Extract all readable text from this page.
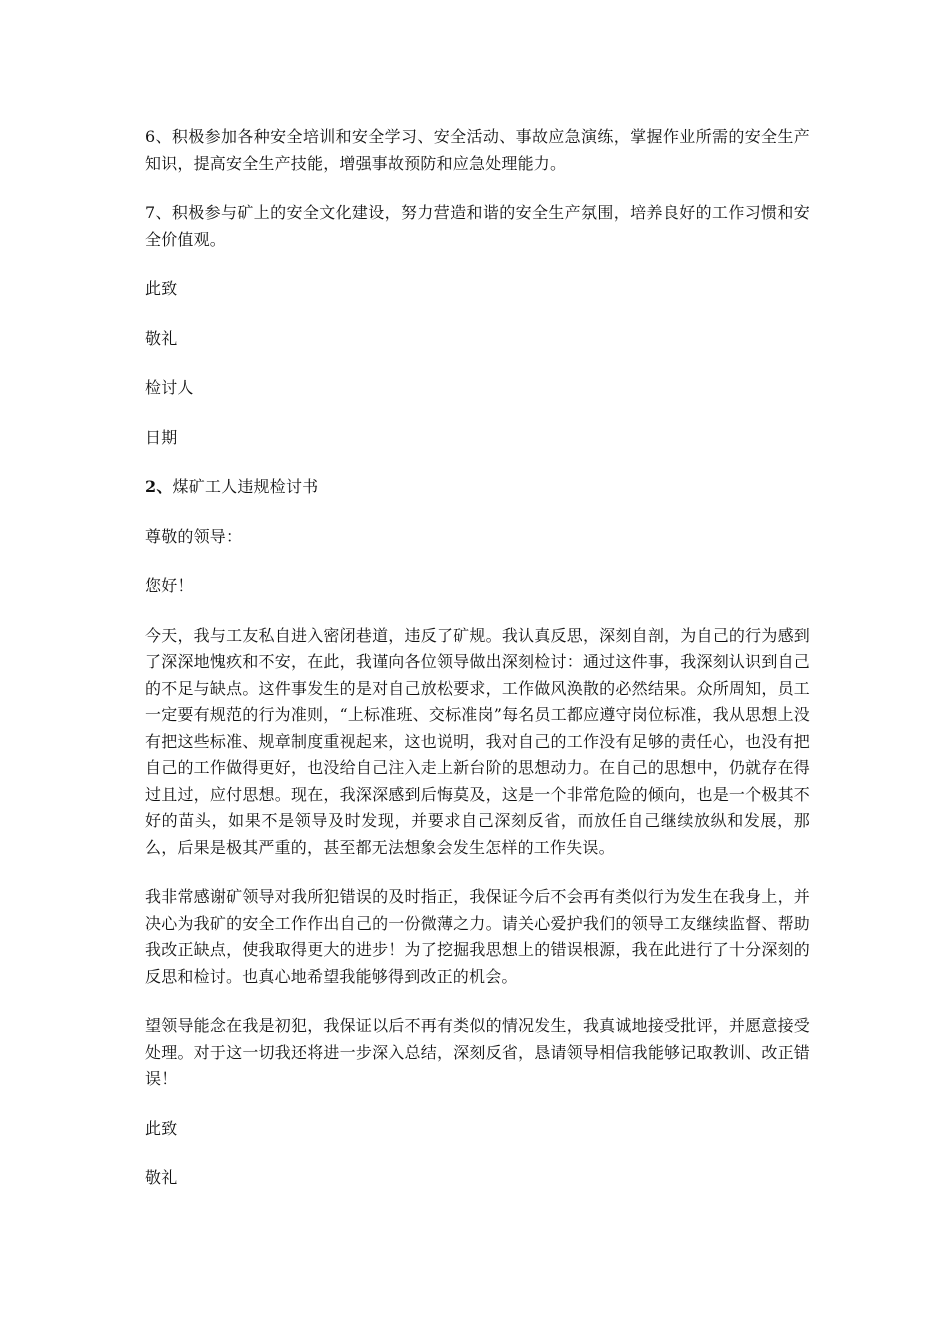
6、积极参加各种安全培训和安全学习、安全活动、事故应急演练，掌握作业所需的安全生产知识，提高安全生产技能，增强事故预防和应急处理能力。

7、积极参与矿上的安全文化建设，努力营造和谐的安全生产氛围，培养良好的工作习惯和安全价值观。

此致

敬礼

检讨人

日期

2、煤矿工人违规检讨书

尊敬的领导：

您好！

今天，我与工友私自进入密闭巷道，违反了矿规。我认真反思，深刻自剖，为自己的行为感到了深深地愧疚和不安，在此，我谨向各位领导做出深刻检讨：通过这件事，我深刻认识到自己的不足与缺点。这件事发生的是对自己放松要求，工作做风涣散的必然结果。众所周知，员工一定要有规范的行为准则，“上标准班、交标准岗”每名员工都应遵守岗位标准，我从思想上没有把这些标准、规章制度重视起来，这也说明，我对自己的工作没有足够的责任心，也没有把自己的工作做得更好，也没给自己注入走上新台阶的思想动力。在自己的思想中，仍就存在得过且过，应付思想。现在，我深深感到后悔莫及，这是一个非常危险的倾向，也是一个极其不好的苗头，如果不是领导及时发现，并要求自己深刻反省，而放任自己继续放纵和发展，那么，后果是极其严重的，甚至都无法想象会发生怎样的工作失误。

我非常感谢矿领导对我所犯错误的及时指正，我保证今后不会再有类似行为发生在我身上，并决心为我矿的安全工作作出自己的一份微薄之力。请关心爱护我们的领导工友继续监督、帮助我改正缺点，使我取得更大的进步！为了挖掘我思想上的错误根源，我在此进行了十分深刻的反思和检讨。也真心地希望我能够得到改正的机会。

望领导能念在我是初犯，我保证以后不再有类似的情况发生，我真诚地接受批评，并愿意接受处理。对于这一切我还将进一步深入总结，深刻反省，恳请领导相信我能够记取教训、改正错误！

此致

敬礼
